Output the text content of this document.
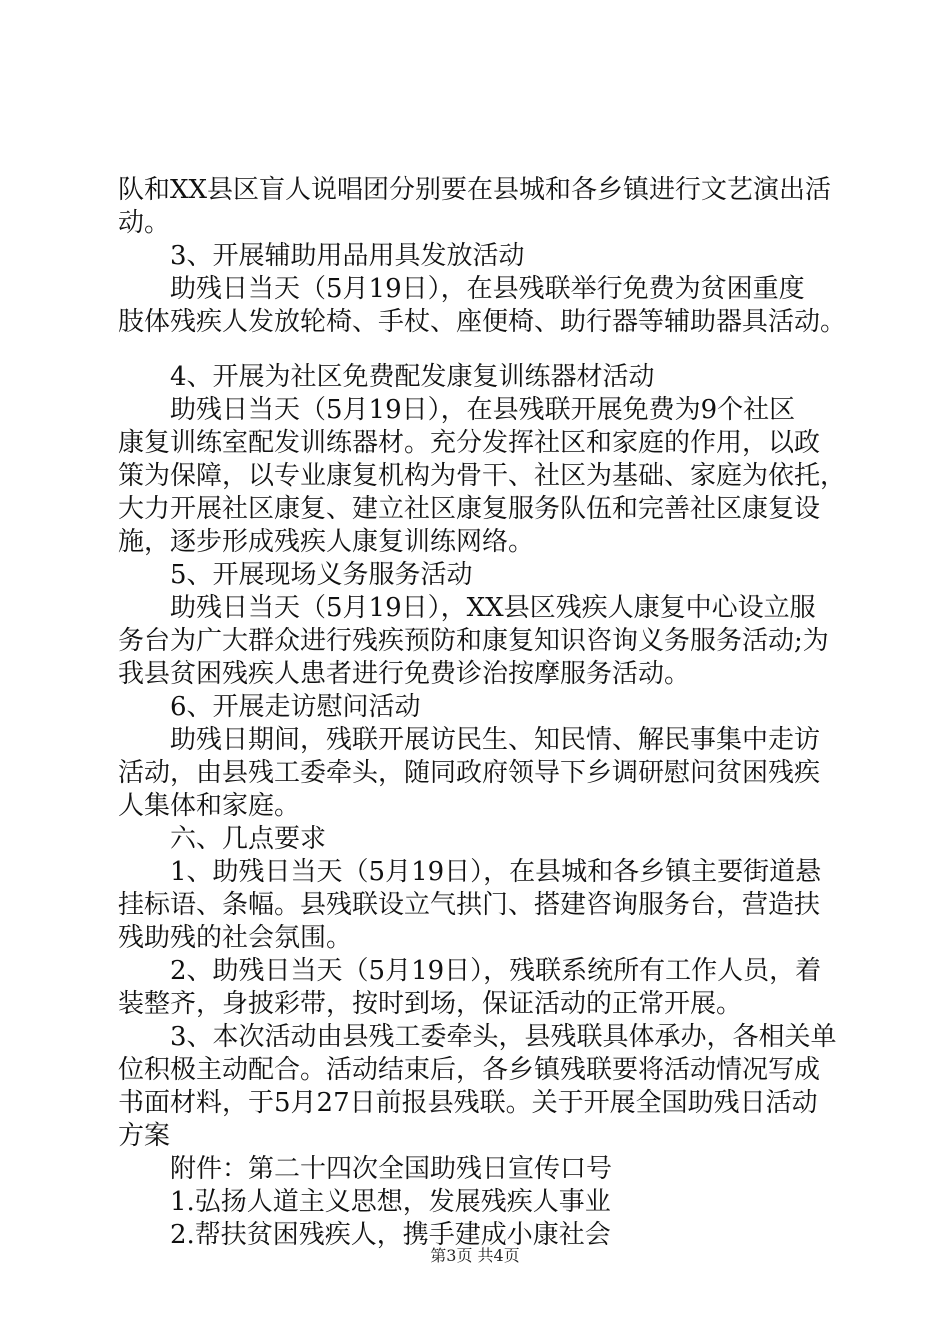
队和XX县区盲人说唱团分别要在县城和各乡镇进行文艺演出活
动。
　　3、开展辅助用品用具发放活动
　　助残日当天（5月19日），在县残联举行免费为贫困重度
肢体残疾人发放轮椅、手杖、座便椅、助行器等辅助器具活动。
　　4、开展为社区免费配发康复训练器材活动
　　助残日当天（5月19日），在县残联开展免费为9个社区
康复训练室配发训练器材。充分发挥社区和家庭的作用，以政
策为保障，以专业康复机构为骨干、社区为基础、家庭为依托，
大力开展社区康复、建立社区康复服务队伍和完善社区康复设
施，逐步形成残疾人康复训练网络。
　　5、开展现场义务服务活动
　　助残日当天（5月19日），XX县区残疾人康复中心设立服
务台为广大群众进行残疾预防和康复知识咨询义务服务活动;为
我县贫困残疾人患者进行免费诊治按摩服务活动。
　　6、开展走访慰问活动
　　助残日期间，残联开展访民生、知民情、解民事集中走访
活动，由县残工委牵头，随同政府领导下乡调研慰问贫困残疾
人集体和家庭。
　　六、几点要求
　　1、助残日当天（5月19日），在县城和各乡镇主要街道悬
挂标语、条幅。县残联设立气拱门、搭建咨询服务台，营造扶
残助残的社会氛围。
　　2、助残日当天（5月19日），残联系统所有工作人员，着
装整齐，身披彩带，按时到场，保证活动的正常开展。
　　3、本次活动由县残工委牵头，县残联具体承办，各相关单
位积极主动配合。活动结束后，各乡镇残联要将活动情况写成
书面材料，于5月27日前报县残联。关于开展全国助残日活动
方案
　　附件：第二十四次全国助残日宣传口号
　　1.弘扬人道主义思想，发展残疾人事业
　　2.帮扶贫困残疾人，携手建成小康社会
第3页 共4页
